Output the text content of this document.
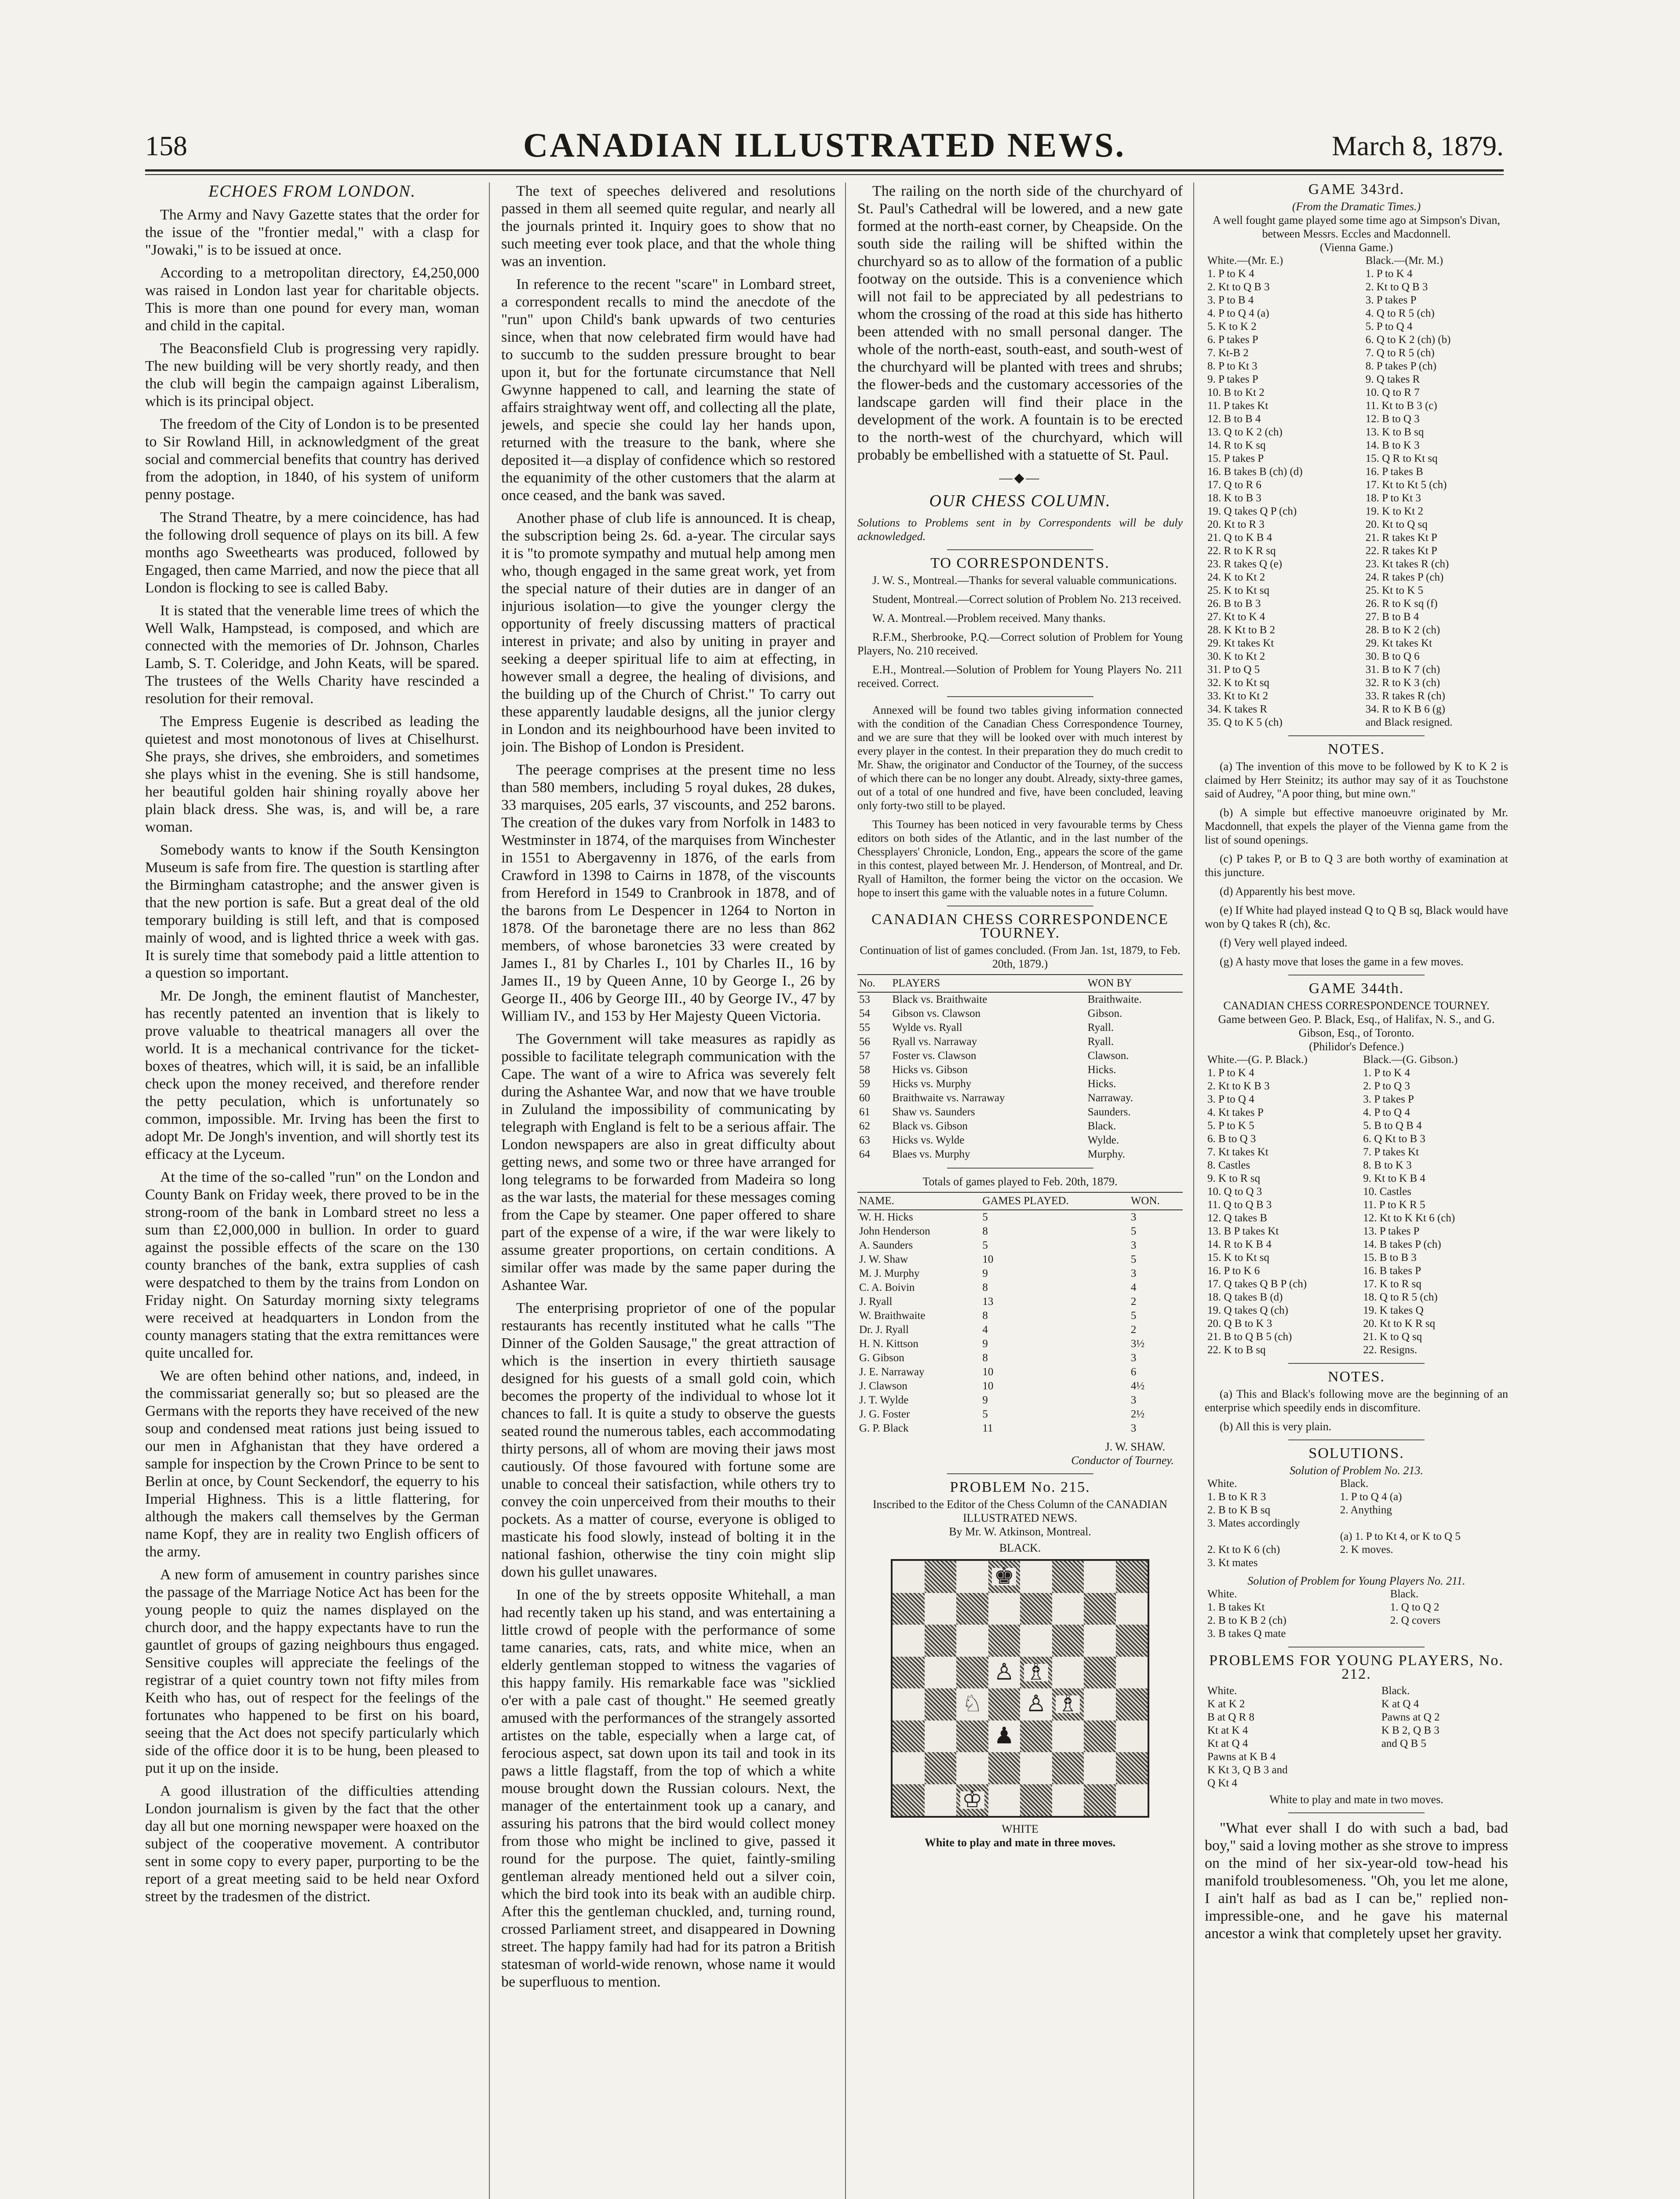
158	CANADIAN ILLUSTRATED NEWS.	March 8, 1879.
ECHOES FROM LONDON.

The Army and Navy Gazette states that the order for the issue of the "frontier medal," with a clasp for "Jowaki," is to be issued at once.

According to a metropolitan directory, £4,250,000 was raised in London last year for charitable objects. This is more than one pound for every man, woman and child in the capital.

The Beaconsfield Club is progressing very rapidly. The new building will be very shortly ready, and then the club will begin the campaign against Liberalism, which is its principal object.

The freedom of the City of London is to be presented to Sir Rowland Hill, in acknowledgment of the great social and commercial benefits that country has derived from the adoption, in 1840, of his system of uniform penny postage.

The Strand Theatre, by a mere coincidence, has had the following droll sequence of plays on its bill. A few months ago Sweethearts was produced, followed by Engaged, then came Married, and now the piece that all London is flocking to see is called Baby.

It is stated that the venerable lime trees of which the Well Walk, Hampstead, is composed, and which are connected with the memories of Dr. Johnson, Charles Lamb, S. T. Coleridge, and John Keats, will be spared. The trustees of the Wells Charity have rescinded a resolution for their removal.

The Empress Eugenie is described as leading the quietest and most monotonous of lives at Chiselhurst. She prays, she drives, she embroiders, and sometimes she plays whist in the evening. She is still handsome, her beautiful golden hair shining royally above her plain black dress. She was, is, and will be, a rare woman.

Somebody wants to know if the South Kensington Museum is safe from fire. The question is startling after the Birmingham catastrophe; and the answer given is that the new portion is safe. But a great deal of the old temporary building is still left, and that is composed mainly of wood, and is lighted thrice a week with gas. It is surely time that somebody paid a little attention to a question so important.

Mr. De Jongh, the eminent flautist of Manchester, has recently patented an invention that is likely to prove valuable to theatrical managers all over the world. It is a mechanical contrivance for the ticket-boxes of theatres, which will, it is said, be an infallible check upon the money received, and therefore render the petty peculation, which is unfortunately so common, impossible. Mr. Irving has been the first to adopt Mr. De Jongh's invention, and will shortly test its efficacy at the Lyceum.

At the time of the so-called "run" on the London and County Bank on Friday week, there proved to be in the strong-room of the bank in Lombard street no less a sum than £2,000,000 in bullion. In order to guard against the possible effects of the scare on the 130 county branches of the bank, extra supplies of cash were despatched to them by the trains from London on Friday night. On Saturday morning sixty telegrams were received at headquarters in London from the county managers stating that the extra remittances were quite uncalled for.

We are often behind other nations, and, indeed, in the commissariat generally so; but so pleased are the Germans with the reports they have received of the new soup and condensed meat rations just being issued to our men in Afghanistan that they have ordered a sample for inspection by the Crown Prince to be sent to Berlin at once, by Count Seckendorf, the equerry to his Imperial Highness. This is a little flattering, for although the makers call themselves by the German name Kopf, they are in reality two English officers of the army.

A new form of amusement in country parishes since the passage of the Marriage Notice Act has been for the young people to quiz the names displayed on the church door, and the happy expectants have to run the gauntlet of groups of gazing neighbours thus engaged. Sensitive couples will appreciate the feelings of the registrar of a quiet country town not fifty miles from Keith who has, out of respect for the feelings of the fortunates who happened to be first on his board, seeing that the Act does not specify particularly which side of the office door it is to be hung, been pleased to put it up on the inside.

A good illustration of the difficulties attending London journalism is given by the fact that the other day all but one morning newspaper were hoaxed on the subject of the cooperative movement. A contributor sent in some copy to every paper, purporting to be the report of a great meeting said to be held near Oxford street by the tradesmen of the district.

The text of speeches delivered and resolutions passed in them all seemed quite regular, and nearly all the journals printed it. Inquiry goes to show that no such meeting ever took place, and that the whole thing was an invention.

In reference to the recent "scare" in Lombard street, a correspondent recalls to mind the anecdote of the "run" upon Child's bank upwards of two centuries since, when that now celebrated firm would have had to succumb to the sudden pressure brought to bear upon it, but for the fortunate circumstance that Nell Gwynne happened to call, and learning the state of affairs straightway went off, and collecting all the plate, jewels, and specie she could lay her hands upon, returned with the treasure to the bank, where she deposited it—a display of confidence which so restored the equanimity of the other customers that the alarm at once ceased, and the bank was saved.

Another phase of club life is announced. It is cheap, the subscription being 2s. 6d. a-year. The circular says it is "to promote sympathy and mutual help among men who, though engaged in the same great work, yet from the special nature of their duties are in danger of an injurious isolation—to give the younger clergy the opportunity of freely discussing matters of practical interest in private; and also by uniting in prayer and seeking a deeper spiritual life to aim at effecting, in however small a degree, the healing of divisions, and the building up of the Church of Christ." To carry out these apparently laudable designs, all the junior clergy in London and its neighbourhood have been invited to join. The Bishop of London is President.

The peerage comprises at the present time no less than 580 members, including 5 royal dukes, 28 dukes, 33 marquises, 205 earls, 37 viscounts, and 252 barons. The creation of the dukes vary from Norfolk in 1483 to Westminster in 1874, of the marquises from Winchester in 1551 to Abergavenny in 1876, of the earls from Crawford in 1398 to Cairns in 1878, of the viscounts from Hereford in 1549 to Cranbrook in 1878, and of the barons from Le Despencer in 1264 to Norton in 1878. Of the baronetage there are no less than 862 members, of whose baronetcies 33 were created by James I., 81 by Charles I., 101 by Charles II., 16 by James II., 19 by Queen Anne, 10 by George I., 26 by George II., 406 by George III., 40 by George IV., 47 by William IV., and 153 by Her Majesty Queen Victoria.

The Government will take measures as rapidly as possible to facilitate telegraph communication with the Cape. The want of a wire to Africa was severely felt during the Ashantee War, and now that we have trouble in Zululand the impossibility of communicating by telegraph with England is felt to be a serious affair. The London newspapers are also in great difficulty about getting news, and some two or three have arranged for long telegrams to be forwarded from Madeira so long as the war lasts, the material for these messages coming from the Cape by steamer. One paper offered to share part of the expense of a wire, if the war were likely to assume greater proportions, on certain conditions. A similar offer was made by the same paper during the Ashantee War.

The enterprising proprietor of one of the popular restaurants has recently instituted what he calls "The Dinner of the Golden Sausage," the great attraction of which is the insertion in every thirtieth sausage designed for his guests of a small gold coin, which becomes the property of the individual to whose lot it chances to fall. It is quite a study to observe the guests seated round the numerous tables, each accommodating thirty persons, all of whom are moving their jaws most cautiously. Of those favoured with fortune some are unable to conceal their satisfaction, while others try to convey the coin unperceived from their mouths to their pockets. As a matter of course, everyone is obliged to masticate his food slowly, instead of bolting it in the national fashion, otherwise the tiny coin might slip down his gullet unawares.

In one of the by streets opposite Whitehall, a man had recently taken up his stand, and was entertaining a little crowd of people with the performance of some tame canaries, cats, rats, and white mice, when an elderly gentleman stopped to witness the vagaries of this happy family. His remarkable face was "sicklied o'er with a pale cast of thought." He seemed greatly amused with the performances of the strangely assorted artistes on the table, especially when a large cat, of ferocious aspect, sat down upon its tail and took in its paws a little flagstaff, from the top of which a white mouse brought down the Russian colours. Next, the manager of the entertainment took up a canary, and assuring his patrons that the bird would collect money from those who might be inclined to give, passed it round for the purpose. The quiet, faintly-smiling gentleman already mentioned held out a silver coin, which the bird took into its beak with an audible chirp. After this the gentleman chuckled, and, turning round, crossed Parliament street, and disappeared in Downing street. The happy family had had for its patron a British statesman of world-wide renown, whose name it would be superfluous to mention.

The railing on the north side of the churchyard of St. Paul's Cathedral will be lowered, and a new gate formed at the north-east corner, by Cheapside. On the south side the railing will be shifted within the churchyard so as to allow of the formation of a public footway on the outside. This is a convenience which will not fail to be appreciated by all pedestrians to whom the crossing of the road at this side has hitherto been attended with no small personal danger. The whole of the north-east, south-east, and south-west of the churchyard will be planted with trees and shrubs; the flower-beds and the customary accessories of the landscape garden will find their place in the development of the work. A fountain is to be erected to the north-west of the churchyard, which will probably be embellished with a statuette of St. Paul.

—◆—
OUR CHESS COLUMN.
Solutions to Problems sent in by Correspondents will be duly acknowledged.
TO CORRESPONDENTS.

J. W. S., Montreal.—Thanks for several valuable communications.

Student, Montreal.—Correct solution of Problem No. 213 received.

W. A. Montreal.—Problem received. Many thanks.

R.F.M., Sherbrooke, P.Q.—Correct solution of Problem for Young Players, No. 210 received.

E.H., Montreal.—Solution of Problem for Young Players No. 211 received. Correct.

Annexed will be found two tables giving information connected with the condition of the Canadian Chess Correspondence Tourney, and we are sure that they will be looked over with much interest by every player in the contest. In their preparation they do much credit to Mr. Shaw, the originator and Conductor of the Tourney, of the success of which there can be no longer any doubt. Already, sixty-three games, out of a total of one hundred and five, have been concluded, leaving only forty-two still to be played.

This Tourney has been noticed in very favourable terms by Chess editors on both sides of the Atlantic, and in the last number of the Chessplayers' Chronicle, London, Eng., appears the score of the game in this contest, played between Mr. J. Henderson, of Montreal, and Dr. Ryall of Hamilton, the former being the victor on the occasion. We hope to insert this game with the valuable notes in a future Column.

CANADIAN CHESS CORRESPONDENCE TOURNEY.
Continuation of list of games concluded. (From Jan. 1st, 1879, to Feb. 20th, 1879.)
No.	PLAYERS	WON BY
53	Black vs. Braithwaite	Braithwaite.
54	Gibson vs. Clawson	Gibson.
55	Wylde vs. Ryall	Ryall.
56	Ryall vs. Narraway	Ryall.
57	Foster vs. Clawson	Clawson.
58	Hicks vs. Gibson	Hicks.
59	Hicks vs. Murphy	Hicks.
60	Braithwaite vs. Narraway	Narraway.
61	Shaw vs. Saunders	Saunders.
62	Black vs. Gibson	Black.
63	Hicks vs. Wylde	Wylde.
64	Blaes vs. Murphy	Murphy.
Totals of games played to Feb. 20th, 1879.
NAME.	GAMES PLAYED.	WON.
W. H. Hicks	5	3
John Henderson	8	5
A. Saunders	5	3
J. W. Shaw	10	5
M. J. Murphy	9	3
C. A. Boivin	8	4
J. Ryall	13	2
W. Braithwaite	8	5
Dr. J. Ryall	4	2
H. N. Kittson	9	3½
G. Gibson	8	3
J. E. Narraway	10	6
J. Clawson	10	4½
J. T. Wylde	9	3
J. G. Foster	5	2½
G. P. Black	11	3
J. W. SHAW.
Conductor of Tourney.
PROBLEM No. 215.
Inscribed to the Editor of the Chess Column of the CANADIAN ILLUSTRATED NEWS.
By Mr. W. Atkinson, Montreal.
BLACK.
♚
♙ ♗
♘ ♙ ♗
♟
♔
WHITE
White to play and mate in three moves.
GAME 343rd.
(From the Dramatic Times.)
A well fought game played some time ago at Simpson's Divan, between Messrs. Eccles and Macdonnell.
(Vienna Game.)
White.—(Mr. E.)	Black.—(Mr. M.)
1. P to K 4	1. P to K 4
2. Kt to Q B 3	2. Kt to Q B 3
3. P to B 4	3. P takes P
4. P to Q 4 (a)	4. Q to R 5 (ch)
5. K to K 2	5. P to Q 4
6. P takes P	6. Q to K 2 (ch) (b)
7. Kt-B 2	7. Q to R 5 (ch)
8. P to Kt 3	8. P takes P (ch)
9. P takes P	9. Q takes R
10. B to Kt 2	10. Q to R 7
11. P takes Kt	11. Kt to B 3 (c)
12. B to B 4	12. B to Q 3
13. Q to K 2 (ch)	13. K to B sq
14. R to K sq	14. B to K 3
15. P takes P	15. Q R to Kt sq
16. B takes B (ch) (d)	16. P takes B
17. Q to R 6	17. Kt to Kt 5 (ch)
18. K to B 3	18. P to Kt 3
19. Q takes Q P (ch)	19. K to Kt 2
20. Kt to R 3	20. Kt to Q sq
21. Q to K B 4	21. R takes Kt P
22. R to K R sq	22. R takes Kt P
23. R takes Q (e)	23. Kt takes R (ch)
24. K to Kt 2	24. R takes P (ch)
25. K to Kt sq	25. Kt to K 5
26. B to B 3	26. R to K sq (f)
27. Kt to K 4	27. B to B 4
28. K Kt to B 2	28. B to K 2 (ch)
29. Kt takes Kt	29. Kt takes Kt
30. K to Kt 2	30. B to Q 6
31. P to Q 5	31. B to K 7 (ch)
32. K to Kt sq	32. R to K 3 (ch)
33. Kt to Kt 2	33. R takes R (ch)
34. K takes R	34. R to K B 6 (g)
35. Q to K 5 (ch)	and Black resigned.
NOTES.

(a) The invention of this move to be followed by K to K 2 is claimed by Herr Steinitz; its author may say of it as Touchstone said of Audrey, "A poor thing, but mine own."

(b) A simple but effective manoeuvre originated by Mr. Macdonnell, that expels the player of the Vienna game from the list of sound openings.

(c) P takes P, or B to Q 3 are both worthy of examination at this juncture.

(d) Apparently his best move.

(e) If White had played instead Q to Q B sq, Black would have won by Q takes R (ch), &c.

(f) Very well played indeed.

(g) A hasty move that loses the game in a few moves.

GAME 344th.
CANADIAN CHESS CORRESPONDENCE TOURNEY.
Game between Geo. P. Black, Esq., of Halifax, N. S., and G. Gibson, Esq., of Toronto.
(Philidor's Defence.)
White.—(G. P. Black.)	Black.—(G. Gibson.)
1. P to K 4	1. P to K 4
2. Kt to K B 3	2. P to Q 3
3. P to Q 4	3. P takes P
4. Kt takes P	4. P to Q 4
5. P to K 5	5. B to Q B 4
6. B to Q 3	6. Q Kt to B 3
7. Kt takes Kt	7. P takes Kt
8. Castles	8. B to K 3
9. K to R sq	9. Kt to K B 4
10. Q to Q 3	10. Castles
11. Q to Q B 3	11. P to K R 5
12. Q takes B	12. Kt to K Kt 6 (ch)
13. B P takes Kt	13. P takes P
14. R to K B 4	14. B takes P (ch)
15. K to Kt sq	15. B to B 3
16. P to K 6	16. B takes P
17. Q takes Q B P (ch)	17. K to R sq
18. Q takes B (d)	18. Q to R 5 (ch)
19. Q takes Q (ch)	19. K takes Q
20. Q B to K 3	20. Kt to K R sq
21. B to Q B 5 (ch)	21. K to Q sq
22. K to B sq	22. Resigns.
NOTES.

(a) This and Black's following move are the beginning of an enterprise which speedily ends in discomfiture.

(b) All this is very plain.

SOLUTIONS.
Solution of Problem No. 213.
White.	Black.
1. B to K R 3	1. P to Q 4 (a)
2. B to K B sq	2. Anything
3. Mates accordingly	
	(a) 1. P to Kt 4, or K to Q 5
2. Kt to K 6 (ch)	2. K moves.
3. Kt mates	
Solution of Problem for Young Players No. 211.
White.	Black.
1. B takes Kt	1. Q to Q 2
2. B to K B 2 (ch)	2. Q covers
3. B takes Q mate	
PROBLEMS FOR YOUNG PLAYERS, No. 212.
White.	Black.
K at K 2	K at Q 4
B at Q R 8	Pawns at Q 2
Kt at K 4	K B 2, Q B 3
Kt at Q 4	and Q B 5
Pawns at K B 4	
K Kt 3, Q B 3 and	
Q Kt 4	
White to play and mate in two moves.

"What ever shall I do with such a bad, bad boy," said a loving mother as she strove to impress on the mind of her six-year-old tow-head his manifold troublesomeness. "Oh, you let me alone, I ain't half as bad as I can be," replied non-impressible-one, and he gave his maternal ancestor a wink that completely upset her gravity.
